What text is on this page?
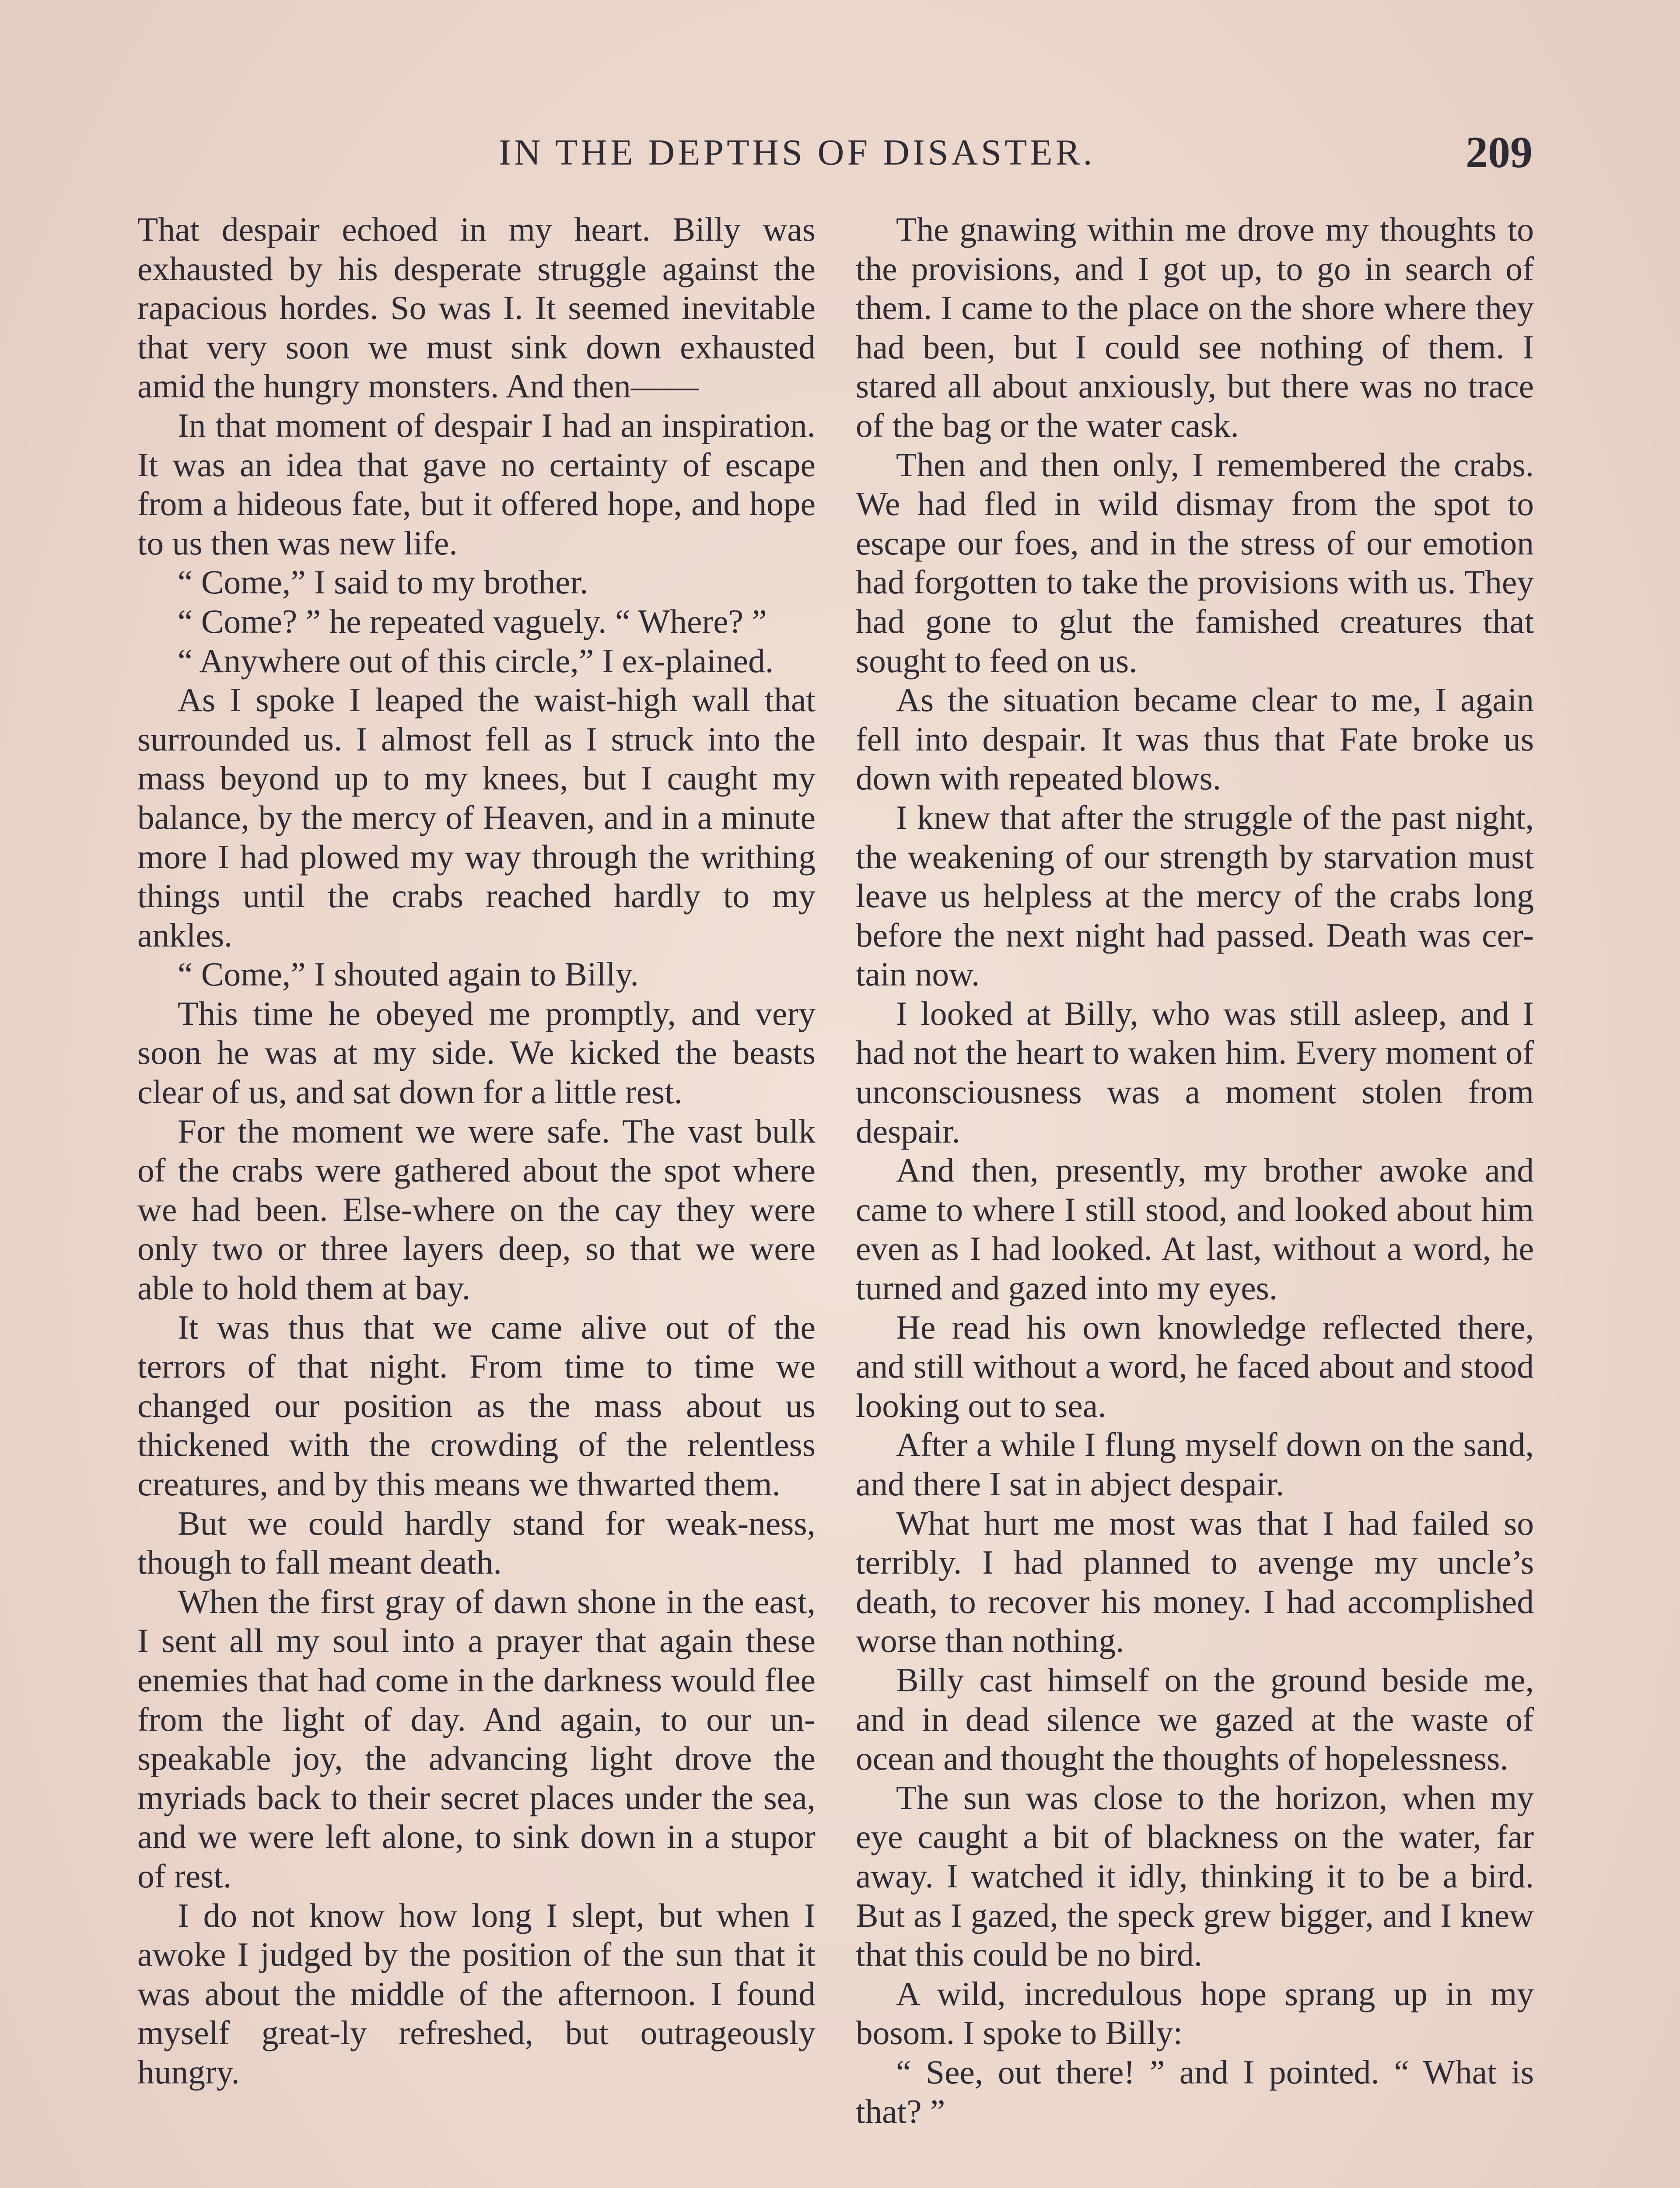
IN THE DEPTHS OF DISASTER.	209

That despair echoed in my heart. Billy was exhausted by his desperate struggle against the rapacious hordes. So was I. It seemed inevitable that very soon we must sink down exhausted amid the hungry monsters. And then——

In that moment of despair I had an inspiration. It was an idea that gave no certainty of escape from a hideous fate, but it offered hope, and hope to us then was new life.

“ Come,” I said to my brother.

“ Come? ” he repeated vaguely. “ Where? ”

“ Anywhere out of this circle,” I ex-plained.

As I spoke I leaped the waist-high wall that surrounded us. I almost fell as I struck into the mass beyond up to my knees, but I caught my balance, by the mercy of Heaven, and in a minute more I had plowed my way through the writhing things until the crabs reached hardly to my ankles.

“ Come,” I shouted again to Billy.

This time he obeyed me promptly, and very soon he was at my side. We kicked the beasts clear of us, and sat down for a little rest.

For the moment we were safe. The vast bulk of the crabs were gathered about the spot where we had been. Else-where on the cay they were only two or three layers deep, so that we were able to hold them at bay.

It was thus that we came alive out of the terrors of that night. From time to time we changed our position as the mass about us thickened with the crowding of the relentless creatures, and by this means we thwarted them.

But we could hardly stand for weak-ness, though to fall meant death.

When the first gray of dawn shone in the east, I sent all my soul into a prayer that again these enemies that had come in the darkness would flee from the light of day. And again, to our un-speakable joy, the advancing light drove the myriads back to their secret places under the sea, and we were left alone, to sink down in a stupor of rest.

I do not know how long I slept, but when I awoke I judged by the position of the sun that it was about the middle of the afternoon. I found myself great-ly refreshed, but outrageously hungry.

The gnawing within me drove my thoughts to the provisions, and I got up, to go in search of them. I came to the place on the shore where they had been, but I could see nothing of them. I stared all about anxiously, but there was no trace of the bag or the water cask.

Then and then only, I remembered the crabs. We had fled in wild dismay from the spot to escape our foes, and in the stress of our emotion had forgotten to take the provisions with us. They had gone to glut the famished creatures that sought to feed on us.

As the situation became clear to me, I again fell into despair. It was thus that Fate broke us down with repeated blows.

I knew that after the struggle of the past night, the weakening of our strength by starvation must leave us helpless at the mercy of the crabs long before the next night had passed. Death was cer-tain now.

I looked at Billy, who was still asleep, and I had not the heart to waken him. Every moment of unconsciousness was a moment stolen from despair.

And then, presently, my brother awoke and came to where I still stood, and looked about him even as I had looked. At last, without a word, he turned and gazed into my eyes.

He read his own knowledge reflected there, and still without a word, he faced about and stood looking out to sea.

After a while I flung myself down on the sand, and there I sat in abject despair.

What hurt me most was that I had failed so terribly. I had planned to avenge my uncle’s death, to recover his money. I had accomplished worse than nothing.

Billy cast himself on the ground beside me, and in dead silence we gazed at the waste of ocean and thought the thoughts of hopelessness.

The sun was close to the horizon, when my eye caught a bit of blackness on the water, far away. I watched it idly, thinking it to be a bird. But as I gazed, the speck grew bigger, and I knew that this could be no bird.

A wild, incredulous hope sprang up in my bosom. I spoke to Billy:

“ See, out there! ” and I pointed. “ What is that? ”
